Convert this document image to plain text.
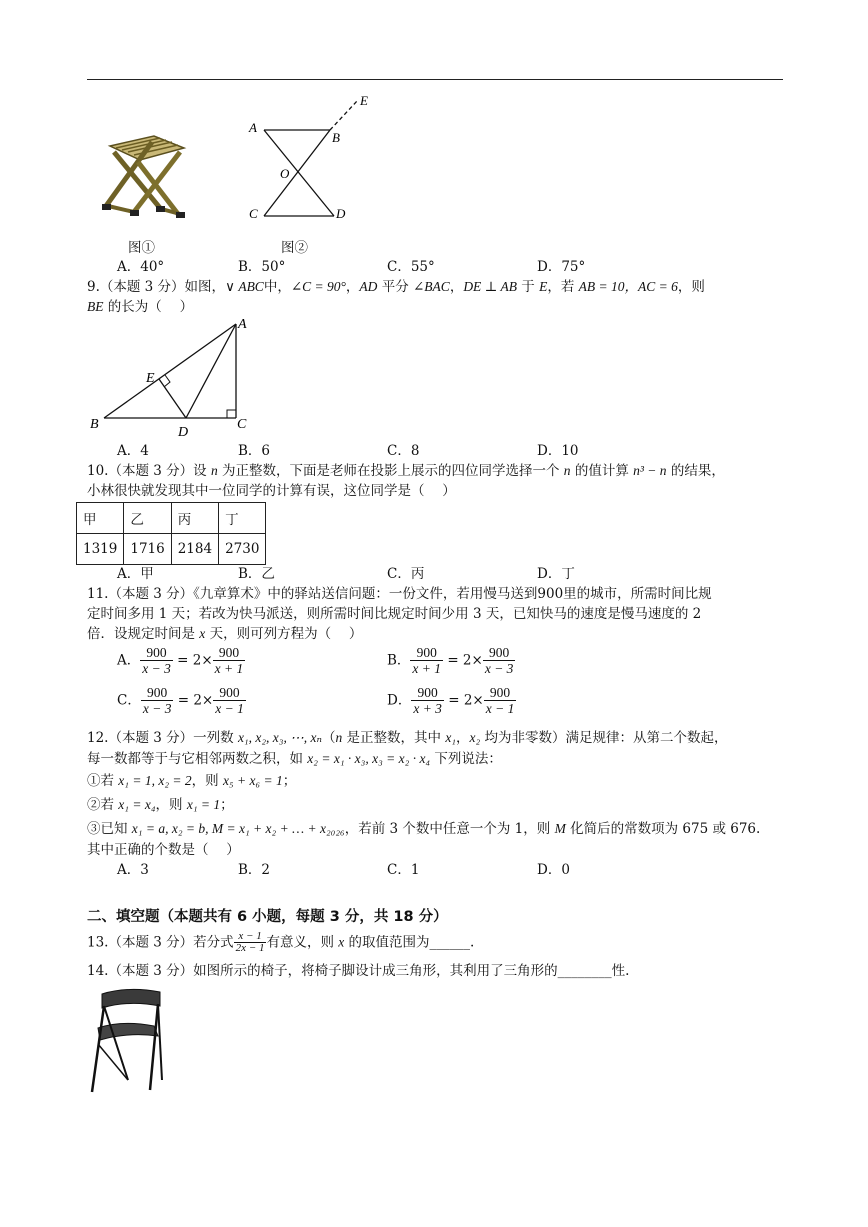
A
B
E
O
C	D
图①	图②
A．40°	B．50°	C．55°	D．75°
9.（本题 3 分）如图，∨ ABC中，∠C = 90°，AD 平分 ∠BAC，DE ⊥ AB 于 E，若 AB = 10，AC = 6，则
BE 的长为（　 ）
A
E
B
D
C
A．4	B．6	C．8	D．10
10.（本题 3 分）设 n 为正整数，下面是老师在投影上展示的四位同学选择一个 n 的值计算 n³ − n 的结果，
小林很快就发现其中一位同学的计算有误，这位同学是（　 ）
甲	乙	丙	丁
1319	1716	2184	2730
A．甲	B．乙	C．丙	D．丁
11.（本题 3 分）《九章算术》中的驿站送信问题：一份文件，若用慢马送到900里的城市，所需时间比规
定时间多用 1 天；若改为快马派送，则所需时间比规定时间少用 3 天，已知快马的速度是慢马速度的 2
倍．设规定时间是 x 天，则可列方程为（　 ）
A． $\frac{900}{x - 3} = 2\times \frac{900}{x + 1}$	B． $\frac{900}{x + 1} = 2\times \frac{900}{x - 3}$
C． $\frac{900}{x - 3} = 2\times \frac{900}{x - 1}$	D． $\frac{900}{x + 3} = 2\times \frac{900}{x - 1}$
12.（本题 3 分）一列数 x₁, x₂, x₃, ⋯, xₙ（n 是正整数，其中 x₁，x₂ 均为非零数）满足规律：从第二个数起，
每一数都等于与它相邻两数之积，如 x₂ = x₁ · x₃, x₃ = x₂ · x₄ 下列说法：
①若 x₁ = 1, x₂ = 2，则 x₅ + x₆ = 1；
②若 x₁ = x₄，则 x₁ = 1；
③已知 x₁ = a, x₂ = b, M = x₁ + x₂ + … + x₂₀₂₆，若前 3 个数中任意一个为 1，则 M 化简后的常数项为 675 或 676.
其中正确的个数是（　 ）
A．3	B．2	C．1	D．0
二、填空题（本题共有 6 小题，每题 3 分，共 18 分）
13.（本题 3 分）若分式 $\frac{x - 1}{2x - 1}$ 有意义，则 x 的取值范围为______.
14.（本题 3 分）如图所示的椅子，将椅子脚设计成三角形，其利用了三角形的________性.
